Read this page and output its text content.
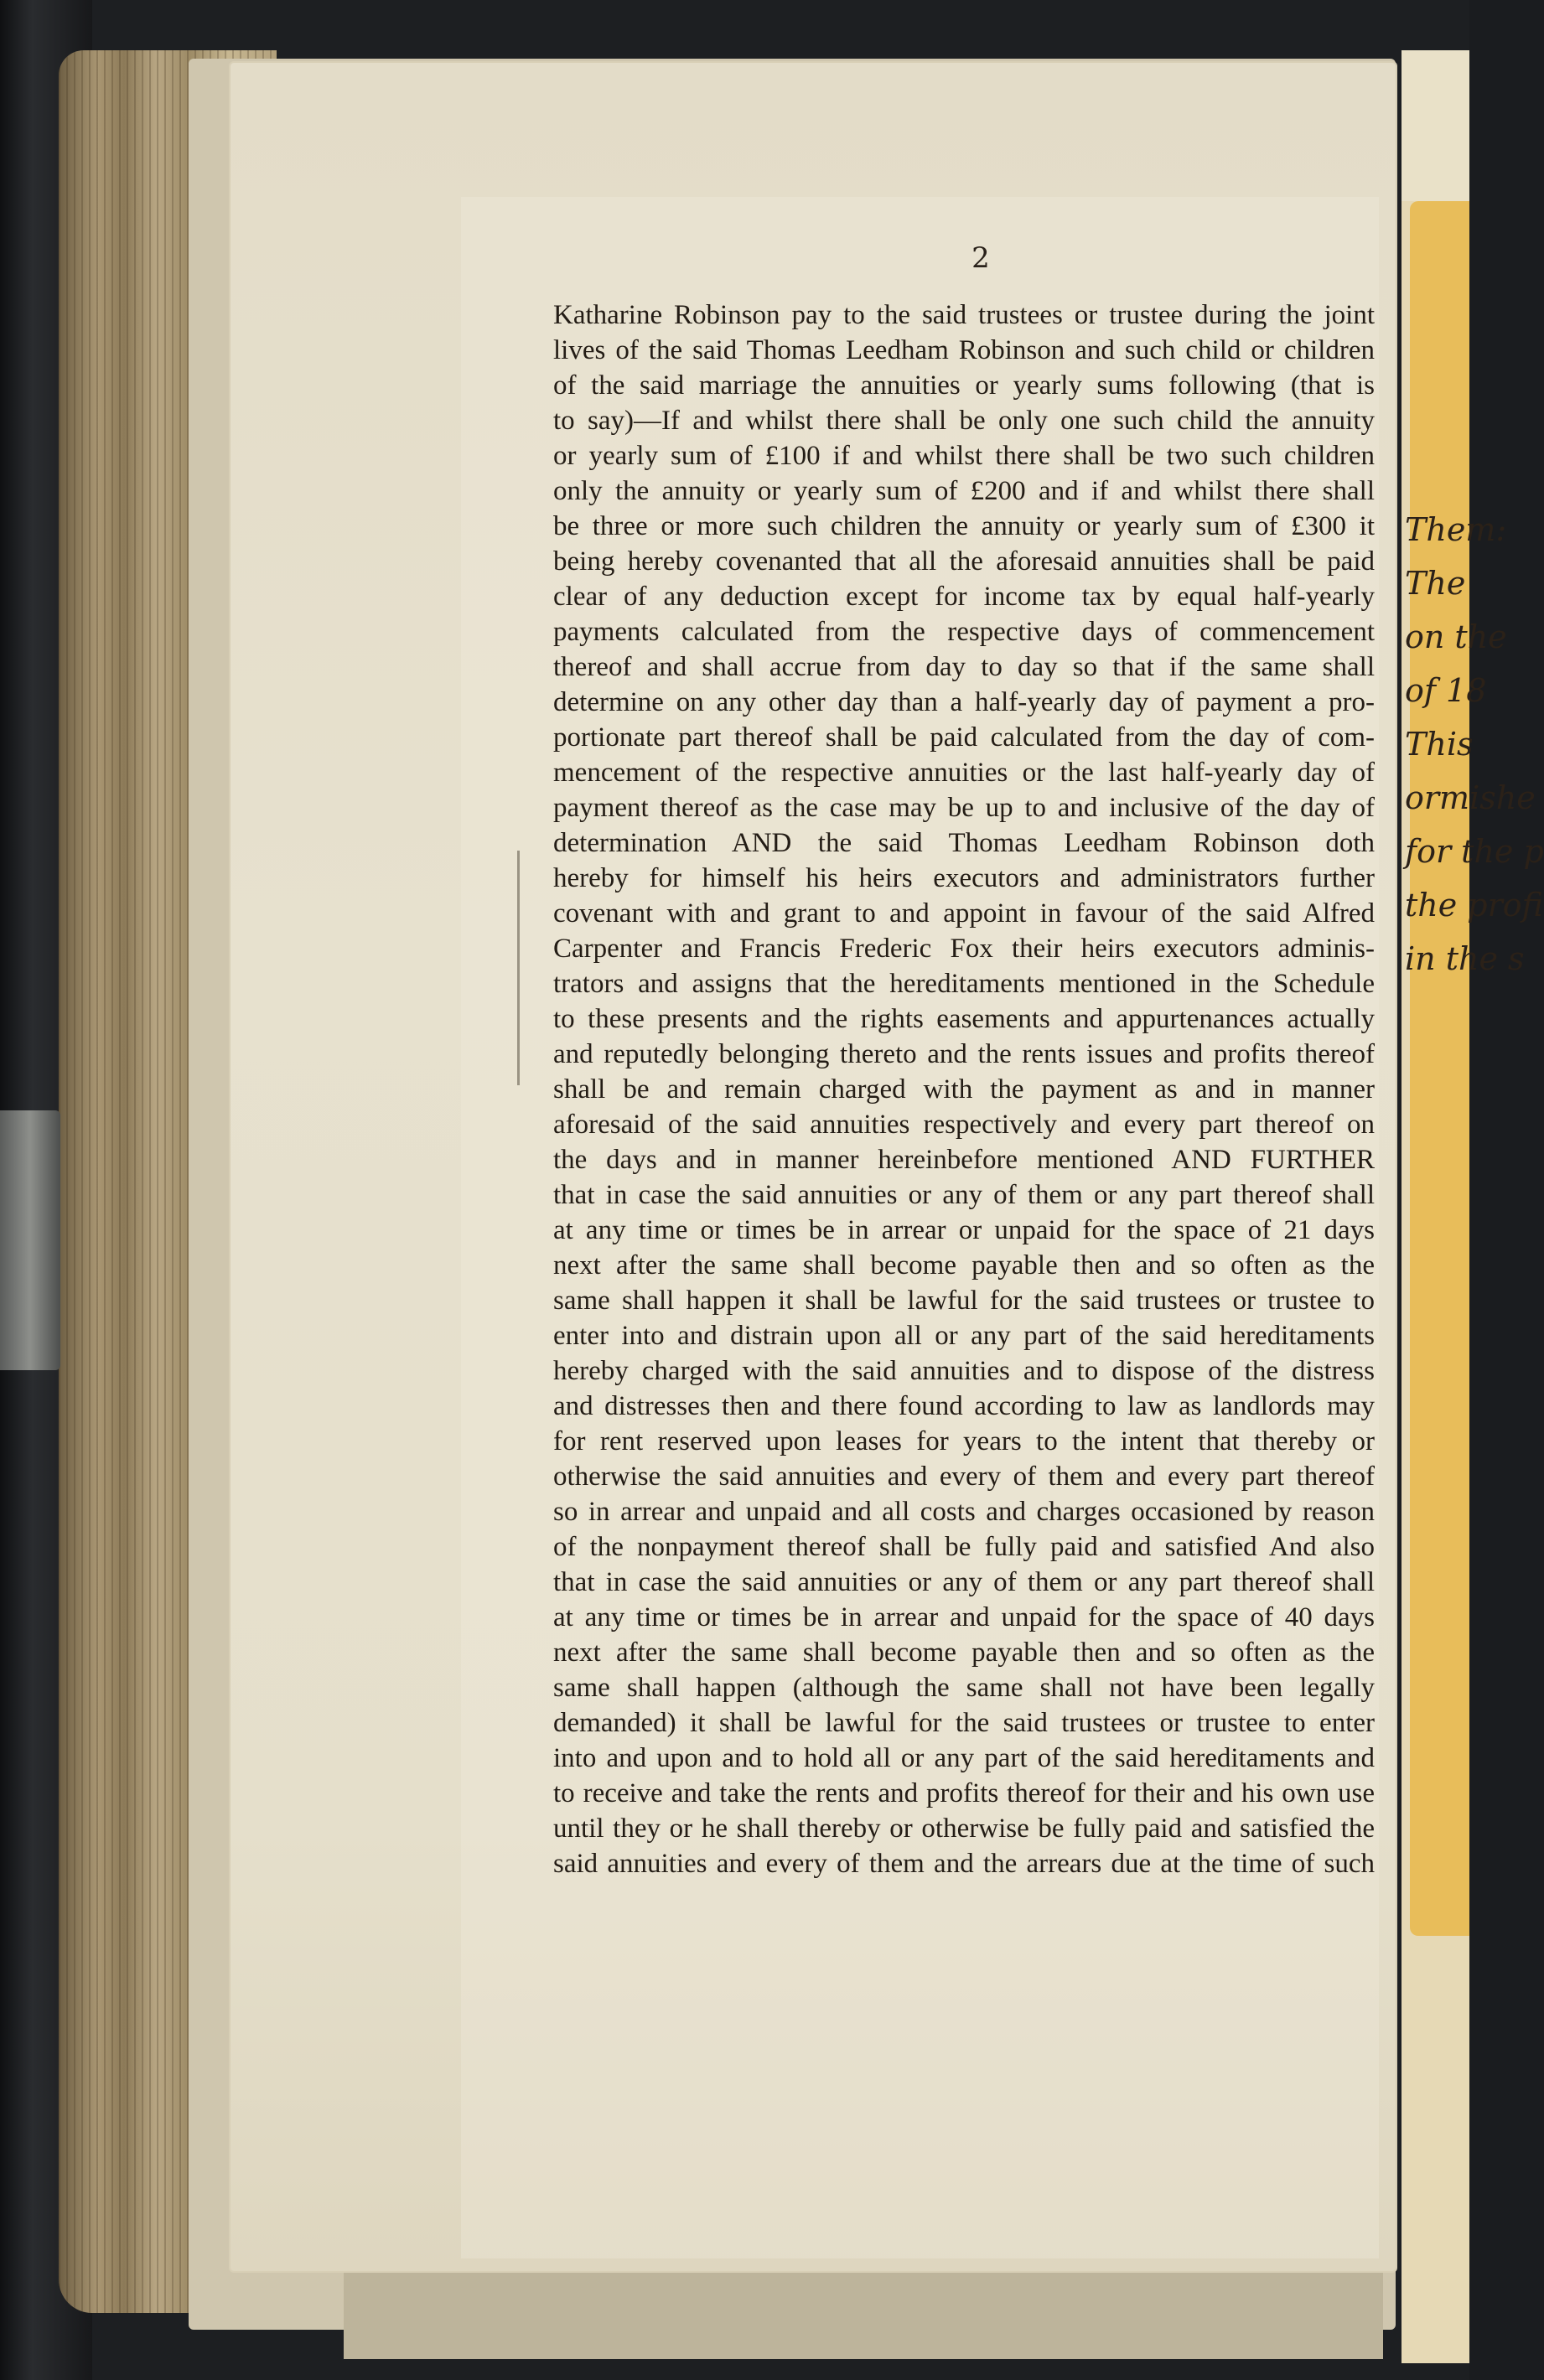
Them:
The
on the
of 18
This
ormishe
for the p
the profi
in the s
2
Katharine Robinson pay to the said trustees or trustee during the joint
lives of the said Thomas Leedham Robinson and such child or children
of the said marriage the annuities or yearly sums following (that is
to say)—If and whilst there shall be only one such child the annuity
or yearly sum of £100 if and whilst there shall be two such children
only the annuity or yearly sum of £200 and if and whilst there shall
be three or more such children the annuity or yearly sum of £300 it
being hereby covenanted that all the aforesaid annuities shall be paid
clear of any deduction except for income tax by equal half-yearly
payments calculated from the respective days of commencement
thereof and shall accrue from day to day so that if the same shall
determine on any other day than a half-yearly day of payment a pro-
portionate part thereof shall be paid calculated from the day of com-
mencement of the respective annuities or the last half-yearly day of
payment thereof as the case may be up to and inclusive of the day of
determination AND the said Thomas Leedham Robinson doth
hereby for himself his heirs executors and administrators further
covenant with and grant to and appoint in favour of the said Alfred
Carpenter and Francis Frederic Fox their heirs executors adminis-
trators and assigns that the hereditaments mentioned in the Schedule
to these presents and the rights easements and appurtenances actually
and reputedly belonging thereto and the rents issues and profits thereof
shall be and remain charged with the payment as and in manner
aforesaid of the said annuities respectively and every part thereof on
the days and in manner hereinbefore mentioned AND FURTHER
that in case the said annuities or any of them or any part thereof shall
at any time or times be in arrear or unpaid for the space of 21 days
next after the same shall become payable then and so often as the
same shall happen it shall be lawful for the said trustees or trustee to
enter into and distrain upon all or any part of the said hereditaments
hereby charged with the said annuities and to dispose of the distress
and distresses then and there found according to law as landlords may
for rent reserved upon leases for years to the intent that thereby or
otherwise the said annuities and every of them and every part thereof
so in arrear and unpaid and all costs and charges occasioned by reason
of the nonpayment thereof shall be fully paid and satisfied And also
that in case the said annuities or any of them or any part thereof shall
at any time or times be in arrear and unpaid for the space of 40 days
next after the same shall become payable then and so often as the
same shall happen (although the same shall not have been legally
demanded) it shall be lawful for the said trustees or trustee to enter
into and upon and to hold all or any part of the said hereditaments and
to receive and take the rents and profits thereof for their and his own use
until they or he shall thereby or otherwise be fully paid and satisfied the
said annuities and every of them and the arrears due at the time of such
